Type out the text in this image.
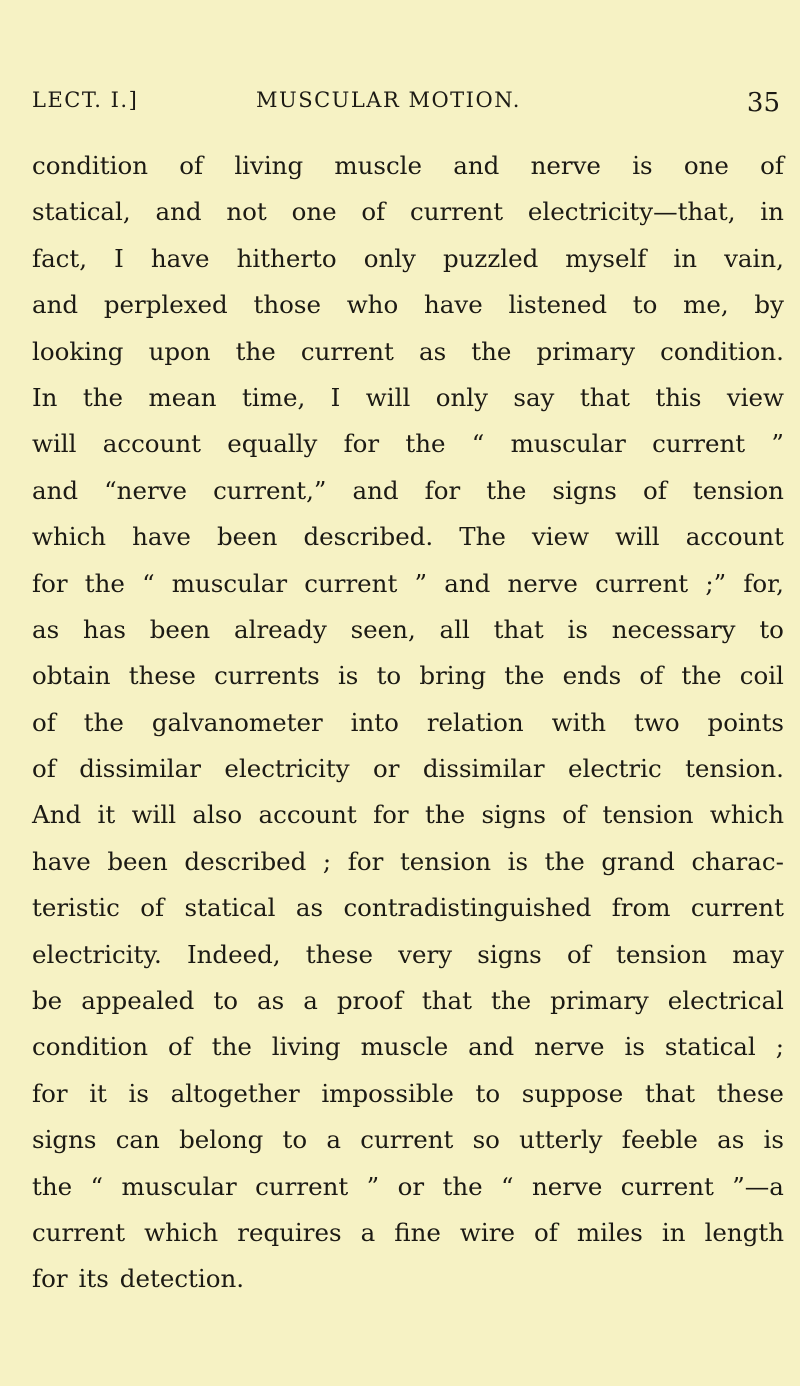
LECT. I.]	MUSCULAR MOTION.	35
condition of living muscle and nerve is one of
statical, and not one of current electricity—that, in
fact, I have hitherto only puzzled myself in vain,
and perplexed those who have listened to me, by
looking upon the current as the primary condition.
In the mean time, I will only say that this view
will account equally for the “ muscular current ”
and “nerve current,” and for the signs of tension
which have been described. The view will account
for the “ muscular current ” and nerve current ;” for,
as has been already seen, all that is necessary to
obtain these currents is to bring the ends of the coil
of the galvanometer into relation with two points
of dissimilar electricity or dissimilar electric tension.
And it will also account for the signs of tension which
have been described ; for tension is the grand charac-
teristic of statical as contradistinguished from current
electricity. Indeed, these very signs of tension may
be appealed to as a proof that the primary electrical
condition of the living muscle and nerve is statical ;
for it is altogether impossible to suppose that these
signs can belong to a current so utterly feeble as is
the “ muscular current ” or the “ nerve current ”—a
current which requires a fine wire of miles in length
for its detection.
